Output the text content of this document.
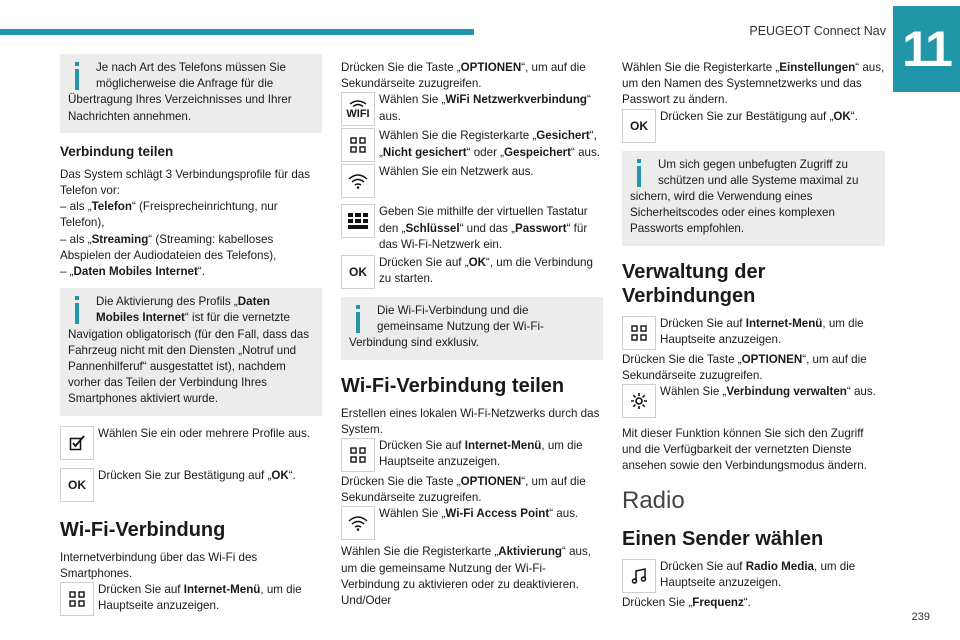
PEUGEOT Connect Nav 11
239

Je nach Art des Telefons müssen Sie möglicherweise die Anfrage für die Übertragung Ihres Verzeichnisses und Ihrer Nachrichten annehmen.

Verbindung teilen

Das System schlägt 3 Verbindungsprofile für das Telefon vor:

– als „Telefon“ (Freisprecheinrichtung, nur Telefon),

– als „Streaming“ (Streaming: kabelloses Abspielen der Audiodateien des Telefons),

– „Daten Mobiles Internet“.

Die Aktivierung des Profils „Daten Mobiles Internet“ ist für die vernetzte Navigation obligatorisch (für den Fall, dass das Fahrzeug nicht mit den Diensten „Notruf und Pannenhilferuf“ ausgestattet ist), nachdem vorher das Teilen der Verbindung Ihres Smartphones aktiviert wurde.

Wählen Sie ein oder mehrere Profile aus.

OK

Drücken Sie zur Bestätigung auf „OK“.

Wi-Fi-Verbindung

Internetverbindung über das Wi-Fi des Smartphones.

Drücken Sie auf Internet-Menü, um die Hauptseite anzuzeigen.

Drücken Sie die Taste „OPTIONEN“, um auf die Sekundärseite zuzugreifen.

WIFI

Wählen Sie „WiFi Netzwerkverbindung“ aus.

Wählen Sie die Registerkarte „Gesichert“, „Nicht gesichert“ oder „Gespeichert“ aus.

Wählen Sie ein Netzwerk aus.

Geben Sie mithilfe der virtuellen Tastatur den „Schlüssel“ und das „Passwort“ für das Wi-Fi-Netzwerk ein.

OK

Drücken Sie auf „OK“, um die Verbindung zu starten.

Die Wi-Fi-Verbindung und die gemeinsame Nutzung der Wi-Fi-Verbindung sind exklusiv.

Wi-Fi-Verbindung teilen

Erstellen eines lokalen Wi-Fi-Netzwerks durch das System.

Drücken Sie auf Internet-Menü, um die Hauptseite anzuzeigen.

Drücken Sie die Taste „OPTIONEN“, um auf die Sekundärseite zuzugreifen.

Wählen Sie „Wi-Fi Access Point“ aus.

Wählen Sie die Registerkarte „Aktivierung“ aus, um die gemeinsame Nutzung der Wi-Fi-Verbindung zu aktivieren oder zu deaktivieren.

Und/Oder

Wählen Sie die Registerkarte „Einstellungen“ aus, um den Namen des Systemnetzwerks und das Passwort zu ändern.

OK

Drücken Sie zur Bestätigung auf „OK“.

Um sich gegen unbefugten Zugriff zu schützen und alle Systeme maximal zu sichern, wird die Verwendung eines Sicherheitscodes oder eines komplexen Passworts empfohlen.

Verwaltung der Verbindungen

Drücken Sie auf Internet-Menü, um die Hauptseite anzuzeigen.

Drücken Sie die Taste „OPTIONEN“, um auf die Sekundärseite zuzugreifen.

Wählen Sie „Verbindung verwalten“ aus.

Mit dieser Funktion können Sie sich den Zugriff und die Verfügbarkeit der vernetzten Dienste ansehen sowie den Verbindungsmodus ändern.

Radio
Einen Sender wählen

Drücken Sie auf Radio Media, um die Hauptseite anzuzeigen.

Drücken Sie „Frequenz“.
